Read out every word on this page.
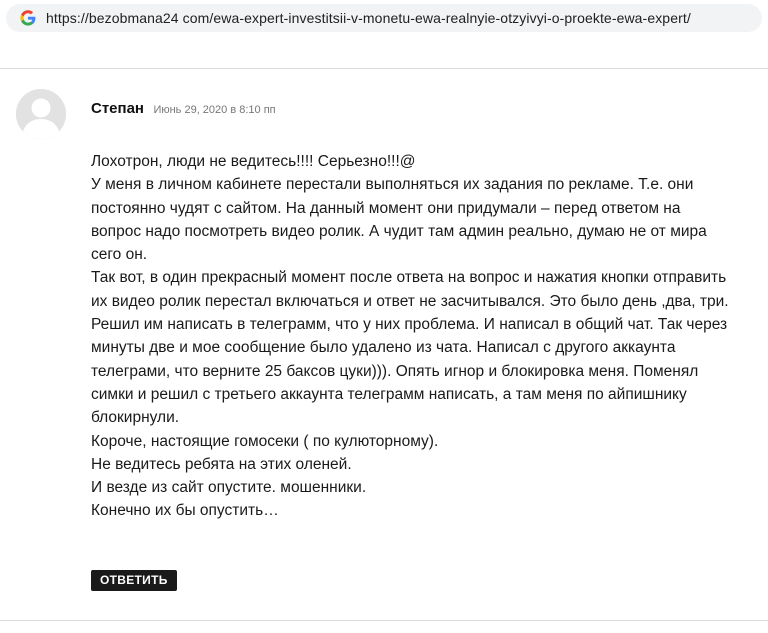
https://bezobmana24 com/ewa-expert-investitsii-v-monetu-ewa-realnyie-otzyivyi-o-proekte-ewa-expert/
Степан Июнь 29, 2020 в 8:10 пп

Лохотрон, люди не ведитесь!!!! Серьезно!!!@

У меня в личном кабинете перестали выполняться их задания по рекламе. Т.е. они постоянно чудят с сайтом. На данный момент они придумали – перед ответом на вопрос надо посмотреть видео ролик. А чудит там админ реально, думаю не от мира сего он.

Так вот, в один прекрасный момент после ответа на вопрос и нажатия кнопки отправить их видео ролик перестал включаться и ответ не засчитывался. Это было день ,два, три. Решил им написать в телеграмм, что у них проблема. И написал в общий чат. Так через минуты две и мое сообщение было удалено из чата. Написал с другого аккаунта телеграми, что верните 25 баксов цуки))). Опять игнор и блокировка меня. Поменял симки и решил с третьего аккаунта телеграмм написать, а там меня по айпишнику блокирнули.

Короче, настоящие гомосеки ( по кулюторному).

Не ведитесь ребята на этих оленей.

И везде из сайт опустите. мошенники.

Конечно их бы опустить…

ОТВЕТИТЬ
